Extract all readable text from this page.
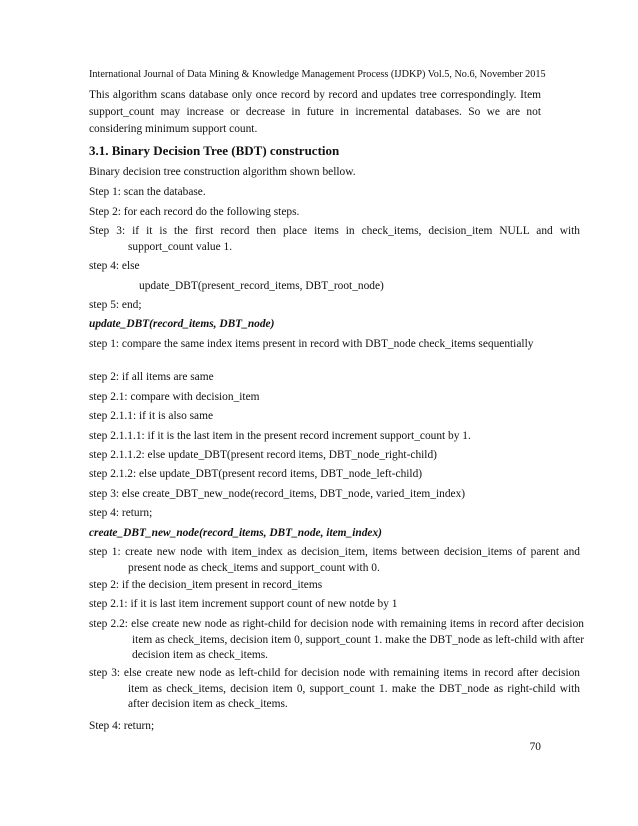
International Journal of Data Mining & Knowledge Management Process (IJDKP) Vol.5, No.6, November 2015
This algorithm scans database only once record by record and updates tree correspondingly. Item support_count may increase or decrease in future in incremental databases. So we are not considering minimum support count.
3.1. Binary Decision Tree (BDT) construction
Binary decision tree construction algorithm shown bellow.
Step 1: scan the database.
Step 2: for each record do the following steps.
Step 3: if it is the first record then place items in check_items, decision_item NULL and with support_count value 1.
step 4: else
update_DBT(present_record_items, DBT_root_node)
step 5: end;
update_DBT(record_items, DBT_node)
step 1: compare the same index items present in record with DBT_node check_items sequentially
step 2: if all items are same
step 2.1: compare with decision_item
step 2.1.1: if it is also same
step 2.1.1.1: if it is the last item in the present record increment support_count by 1.
step 2.1.1.2: else update_DBT(present record items, DBT_node_right-child)
step 2.1.2: else update_DBT(present record items, DBT_node_left-child)
step 3: else create_DBT_new_node(record_items, DBT_node, varied_item_index)
step 4: return;
create_DBT_new_node(record_items, DBT_node, item_index)
step 1: create new node with item_index as decision_item, items between decision_items of parent and present node as check_items and support_count with 0.
step 2: if the decision_item present in record_items
step 2.1: if it is last item increment support count of new notde by 1
step 2.2: else create new node as right-child for decision node with remaining items in record after decision item as check_items, decision item 0, support_count 1. make the DBT_node as left-child with after decision item as check_items.
step 3: else create new node as left-child for decision node with remaining items in record after decision item as check_items, decision item 0, support_count 1. make the DBT_node as right-child with after decision item as check_items.
Step 4: return;
70
